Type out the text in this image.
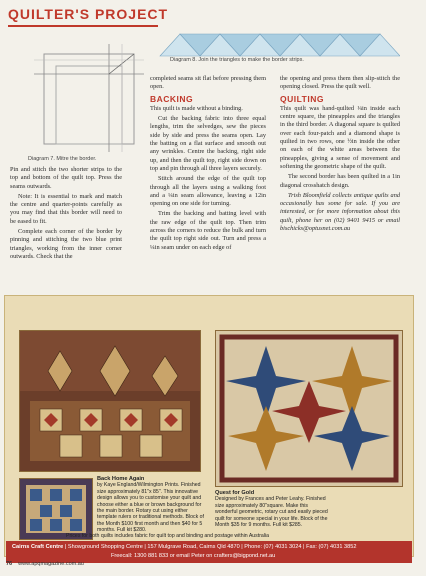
QUILTER'S PROJECT
Diagram 7. Mitre the border.
Diagram 8. Join the triangles to make the border strips.

Pin and stitch the two shorter strips to the top and bottom of the quilt top. Press the seams outwards.

Note: It is essential to mark and match the centre and quarter-points carefully as you may find that this border will need to be eased to fit.

Complete each corner of the border by pinning and stitching the two blue print triangles, working from the inner corner outwards. Check that the

completed seams sit flat before pressing them open.

BACKING

This quilt is made without a binding.

Cut the backing fabric into three equal lengths, trim the selvedges, sew the pieces side by side and press the seams open. Lay the batting on a flat surface and smooth out any wrinkles. Centre the backing, right side up, and then the quilt top, right side down on top and pin through all three layers securely.

Stitch around the edge of the quilt top through all the layers using a walking foot and a ¼in seam allowance, leaving a 12in opening on one side for turning.

Trim the backing and batting level with the raw edge of the quilt top. Then trim across the corners to reduce the bulk and turn the quilt top right side out. Turn and press a ¼in seam under on each edge of

the opening and press them then slip-stitch the opening closed. Press the quilt well.

QUILTING

This quilt was hand-quilted ¼in inside each centre square, the pineapples and the triangles in the third border. A diagonal square is quilted over each four-patch and a diamond shape is quilted in two rows, one ½in inside the other on each of the white areas between the pineapples, giving a sense of movement and softening the geometric shape of the quilt.

The second border has been quilted in a 1in diagonal crosshatch design.

Trish Bloomfield collects antique quilts and occasionally has some for sale. If you are interested, or for more information about this quilt, phone her on (02) 9401 9415 or email bischicks@optusnet.com.au

Back Home Again
by Kaye England/Wilmington Prints. Finished size approximately 81"x 85". This innovative design allows you to customise your quilt and choose either a blue or brown background for the main border. Rotary cut using either template rulers or traditional methods. Block of the Month $100 first month and then $40 for 5 months. Full kit $280.
Quest for Gold
Designed by Frances and Peter Leahy. Finished size approximately 80"square. Make this wonderful geometric, rotary cut and easily pieced quilt for someone special in your life. Block of the Month $35 for 9 months. Full kit $285.
Prices for both quilts includes fabric for quilt top and binding and postage within Australia
Cairns Craft Centre | Showground Shopping Centre | 157 Mulgrave Road, Cairns Qld 4870 | Phone: (07) 4031 3024 | Fax: (07) 4031 3852
Freecall: 1300 881 833 or email Peter on crafters@bigpond.net.au
76 www.apqmagazine.com.au
